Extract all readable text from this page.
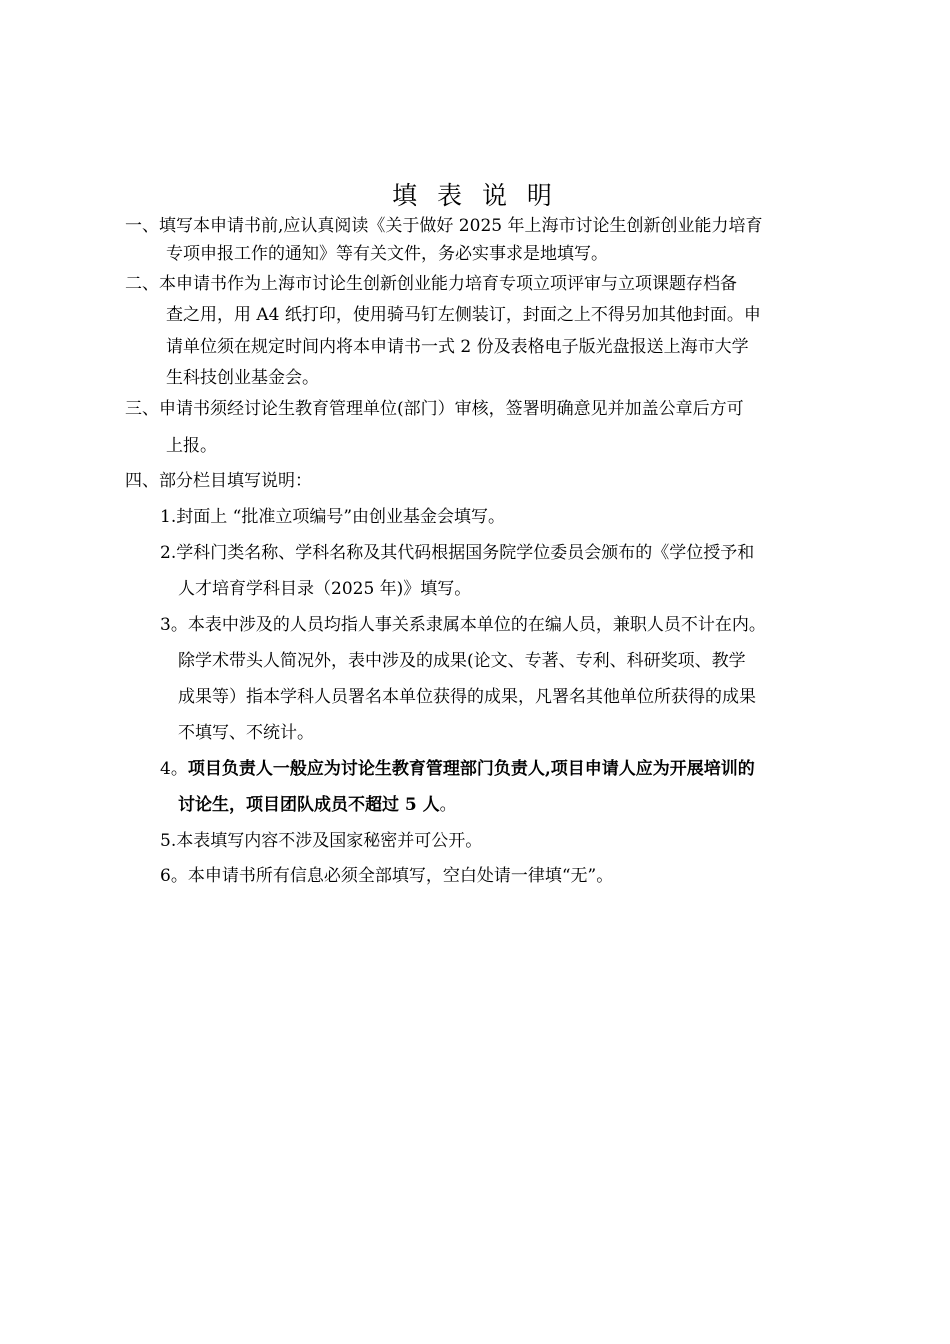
填 表 说 明
一、填写本申请书前,应认真阅读《关于做好 2025 年上海市讨论生创新创业能力培育
专项申报工作的通知》等有关文件，务必实事求是地填写。
二、本申请书作为上海市讨论生创新创业能力培育专项立项评审与立项课题存档备
查之用，用 A4 纸打印，使用骑马钉左侧装订，封面之上不得另加其他封面。申
请单位须在规定时间内将本申请书一式 2 份及表格电子版光盘报送上海市大学
生科技创业基金会。
三、申请书须经讨论生教育管理单位(部门）审核，签署明确意见并加盖公章后方可
上报。
四、部分栏目填写说明：
1.封面上 “批准立项编号”由创业基金会填写。
2.学科门类名称、学科名称及其代码根据国务院学位委员会颁布的《学位授予和
人才培育学科目录（2025 年)》填写。
3。本表中涉及的人员均指人事关系隶属本单位的在编人员，兼职人员不计在内。
除学术带头人简况外，表中涉及的成果(论文、专著、专利、科研奖项、教学
成果等）指本学科人员署名本单位获得的成果，凡署名其他单位所获得的成果
不填写、不统计。
4。项目负责人一般应为讨论生教育管理部门负责人,项目申请人应为开展培训的
讨论生，项目团队成员不超过 5 人。
5.本表填写内容不涉及国家秘密并可公开。
6。本申请书所有信息必须全部填写，空白处请一律填“无”。
